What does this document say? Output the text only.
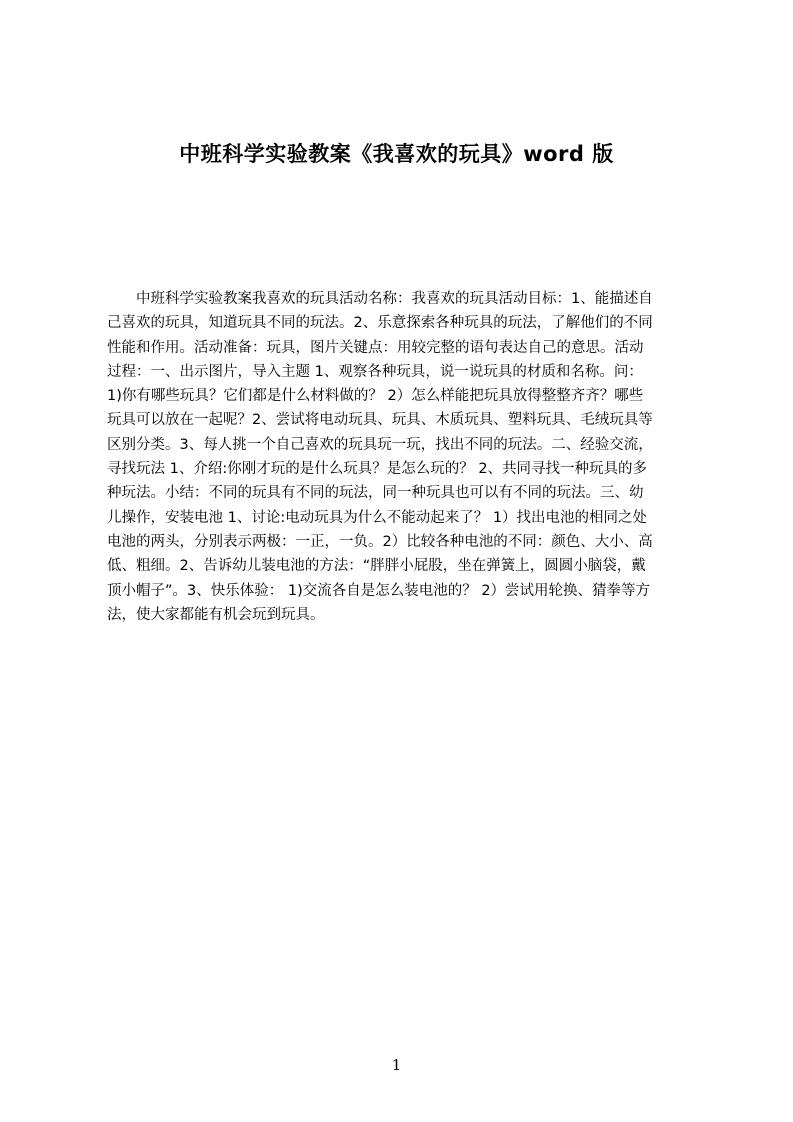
中班科学实验教案《我喜欢的玩具》word 版
中班科学实验教案我喜欢的玩具活动名称：我喜欢的玩具活动目标：1、能描述自
己喜欢的玩具，知道玩具不同的玩法。2、乐意探索各种玩具的玩法，了解他们的不同
性能和作用。活动准备：玩具，图片关键点：用较完整的语句表达自己的意思。活动
过程：一、出示图片，导入主题 1、观察各种玩具，说一说玩具的材质和名称。问：
1)你有哪些玩具？它们都是什么材料做的？ 2）怎么样能把玩具放得整整齐齐？哪些
玩具可以放在一起呢？2、尝试将电动玩具、玩具、木质玩具、塑料玩具、毛绒玩具等
区别分类。3、每人挑一个自己喜欢的玩具玩一玩，找出不同的玩法。二、经验交流，
寻找玩法 1、介绍:你刚才玩的是什么玩具？是怎么玩的？ 2、共同寻找一种玩具的多
种玩法。小结：不同的玩具有不同的玩法，同一种玩具也可以有不同的玩法。三、幼
儿操作，安装电池 1、讨论:电动玩具为什么不能动起来了？ 1）找出电池的相同之处
电池的两头，分别表示两极：一正，一负。2）比较各种电池的不同：颜色、大小、高
低、粗细。2、告诉幼儿装电池的方法：“胖胖小屁股，坐在弹簧上，圆圆小脑袋，戴
顶小帽子”。3、快乐体验： 1)交流各自是怎么装电池的？ 2）尝试用轮换、猜拳等方
法，使大家都能有机会玩到玩具。
1
